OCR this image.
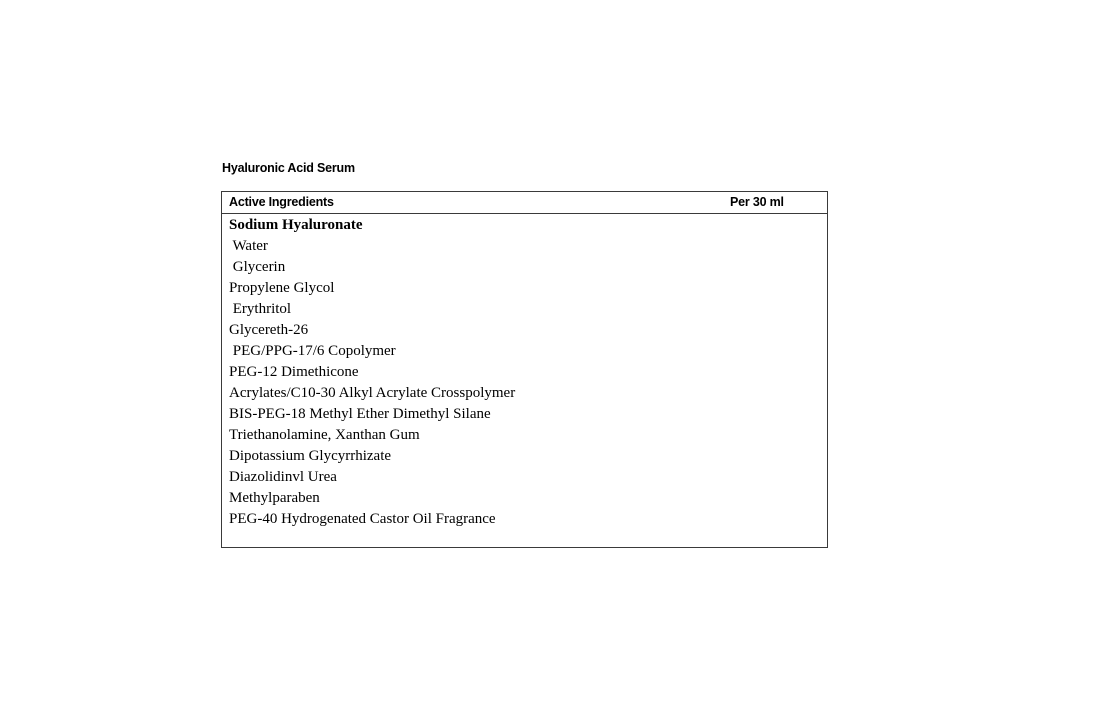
Hyaluronic Acid Serum
Active Ingredients	Per 30 ml
Sodium Hyaluronate
Water
Glycerin
Propylene Glycol
Erythritol
Glycereth-26
PEG/PPG-17/6 Copolymer
PEG-12 Dimethicone
Acrylates/C10-30 Alkyl Acrylate Crosspolymer
BIS-PEG-18 Methyl Ether Dimethyl Silane
Triethanolamine, Xanthan Gum
Dipotassium Glycyrrhizate
Diazolidinvl Urea
Methylparaben
PEG-40 Hydrogenated Castor Oil Fragrance
